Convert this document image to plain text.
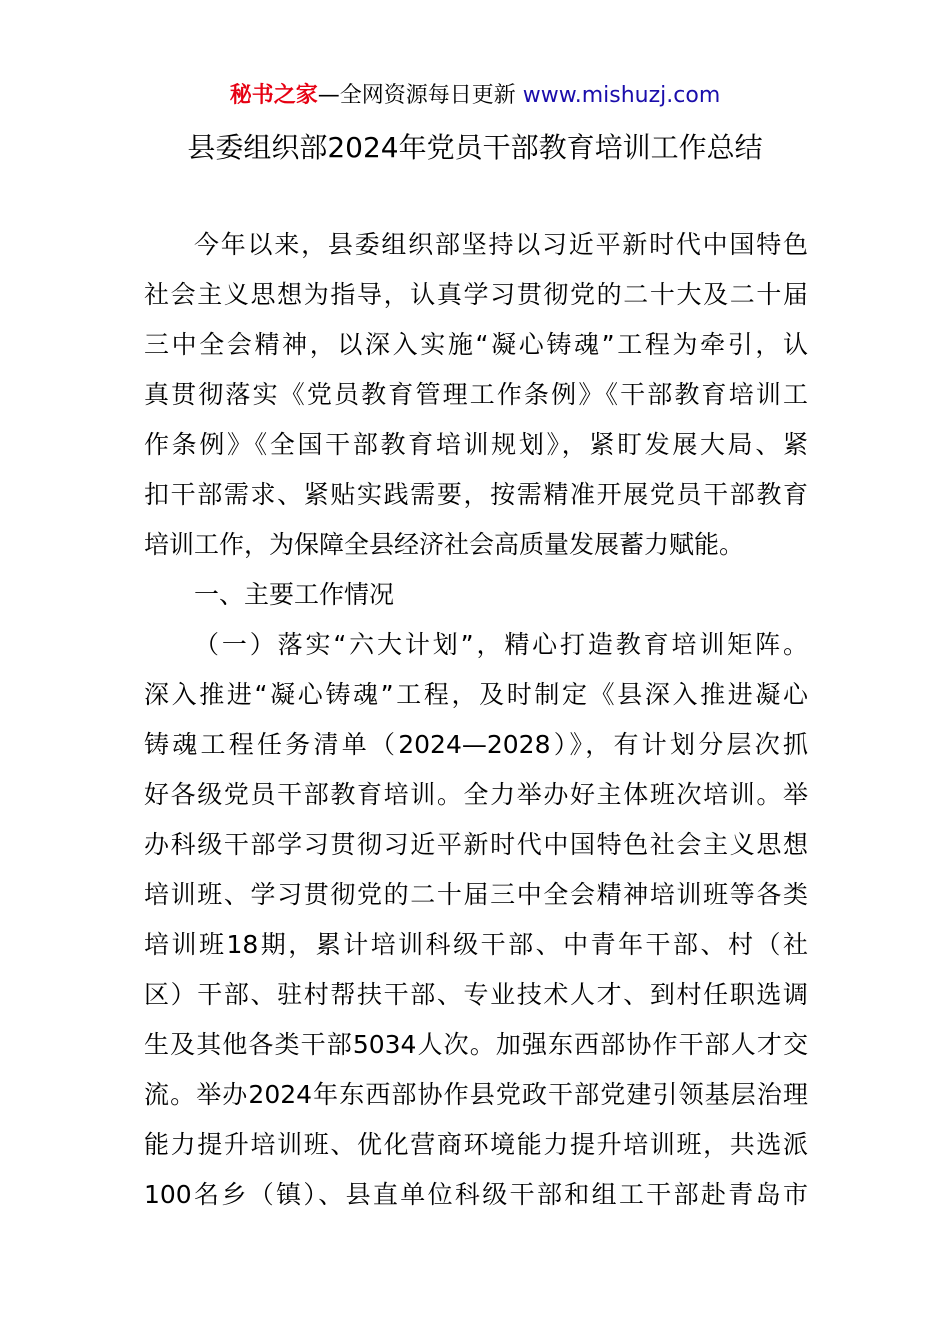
秘书之家—全网资源每日更新 www.mishuzj.com
县委组织部2024年党员干部教育培训工作总结
今年以来，县委组织部坚持以习近平新时代中国特色
社会主义思想为指导，认真学习贯彻党的二十大及二十届
三中全会精神，以深入实施“凝心铸魂”工程为牵引，认
真贯彻落实《党员教育管理工作条例》《干部教育培训工
作条例》《全国干部教育培训规划》，紧盯发展大局、紧
扣干部需求、紧贴实践需要，按需精准开展党员干部教育
培训工作，为保障全县经济社会高质量发展蓄力赋能。
一、主要工作情况
（一）落实“六大计划”，精心打造教育培训矩阵。
深入推进“凝心铸魂”工程，及时制定《县深入推进凝心
铸魂工程任务清单（2024—2028）》，有计划分层次抓
好各级党员干部教育培训。全力举办好主体班次培训。举
办科级干部学习贯彻习近平新时代中国特色社会主义思想
培训班、学习贯彻党的二十届三中全会精神培训班等各类
培训班18期，累计培训科级干部、中青年干部、村（社
区）干部、驻村帮扶干部、专业技术人才、到村任职选调
生及其他各类干部5034人次。加强东西部协作干部人才交
流。举办2024年东西部协作县党政干部党建引领基层治理
能力提升培训班、优化营商环境能力提升培训班，共选派
100名乡（镇）、县直单位科级干部和组工干部赴青岛市
